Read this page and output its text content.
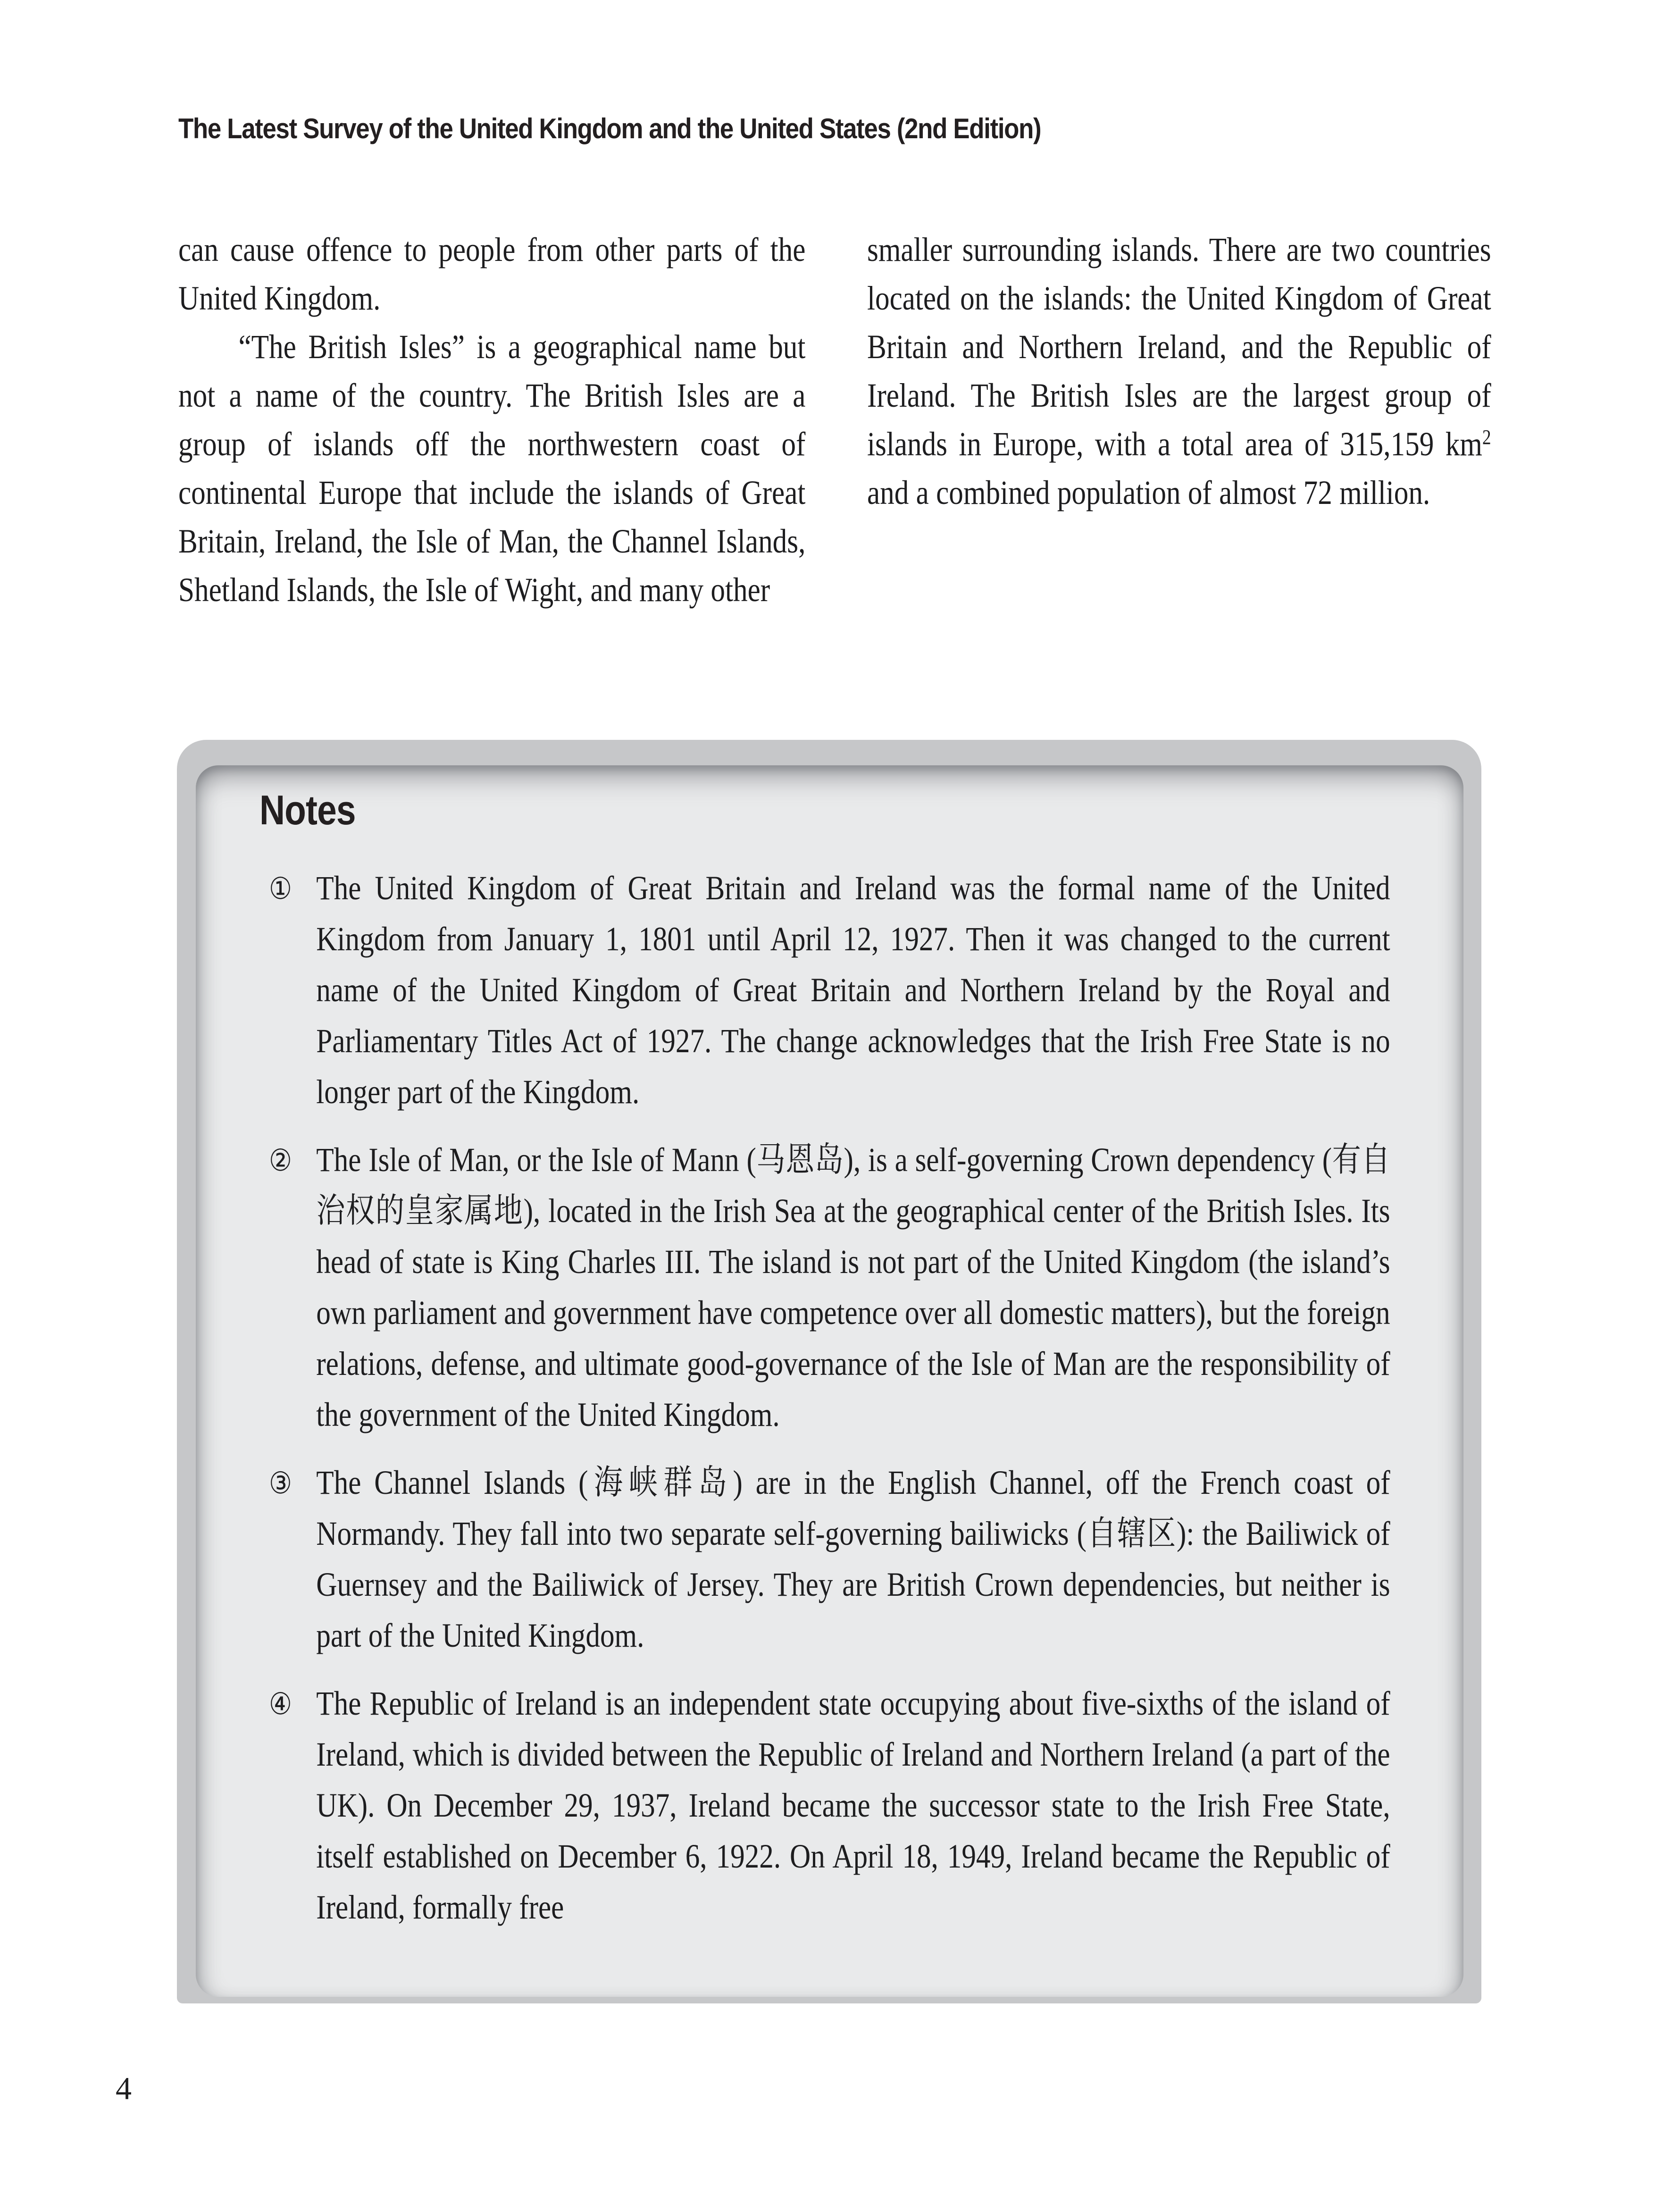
The Latest Survey of the United Kingdom and the United States (2nd Edition)

can cause offence to people from other parts of the United Kingdom.

“The British Isles” is a geographical name but not a name of the country. The British Isles are a group of islands off the northwestern coast of continental Europe that include the islands of Great Britain, Ireland, the Isle of Man, the Channel Islands, Shetland Islands, the Isle of Wight, and many other

smaller surrounding islands. There are two countries located on the islands: the United Kingdom of Great Britain and Northern Ireland, and the Republic of Ireland. The British Isles are the largest group of islands in Europe, with a total area of 315,159 $km^2$ and a combined population of almost 72 million.

Notes

① The United Kingdom of Great Britain and Ireland was the formal name of the United Kingdom from January 1, 1801 until April 12, 1927. Then it was changed to the current name of the United Kingdom of Great Britain and Northern Ireland by the Royal and Parliamentary Titles Act of 1927. The change acknowledges that the Irish Free State is no longer part of the Kingdom.

② The Isle of Man, or the Isle of Mann (马恩岛), is a self-governing Crown dependency (有自治权的皇家属地), located in the Irish Sea at the geographical center of the British Isles. Its head of state is King Charles III. The island is not part of the United Kingdom (the island’s own parliament and government have competence over all domestic matters), but the foreign relations, defense, and ultimate good-governance of the Isle of Man are the responsibility of the government of the United Kingdom.

③ The Channel Islands (海峡群岛) are in the English Channel, off the French coast of Normandy. They fall into two separate self-governing bailiwicks (自辖区): the Bailiwick of Guernsey and the Bailiwick of Jersey. They are British Crown dependencies, but neither is part of the United Kingdom.

④ The Republic of Ireland is an independent state occupying about five-sixths of the island of Ireland, which is divided between the Republic of Ireland and Northern Ireland (a part of the UK). On December 29, 1937, Ireland became the successor state to the Irish Free State, itself established on December 6, 1922. On April 18, 1949, Ireland became the Republic of Ireland, formally free

4
